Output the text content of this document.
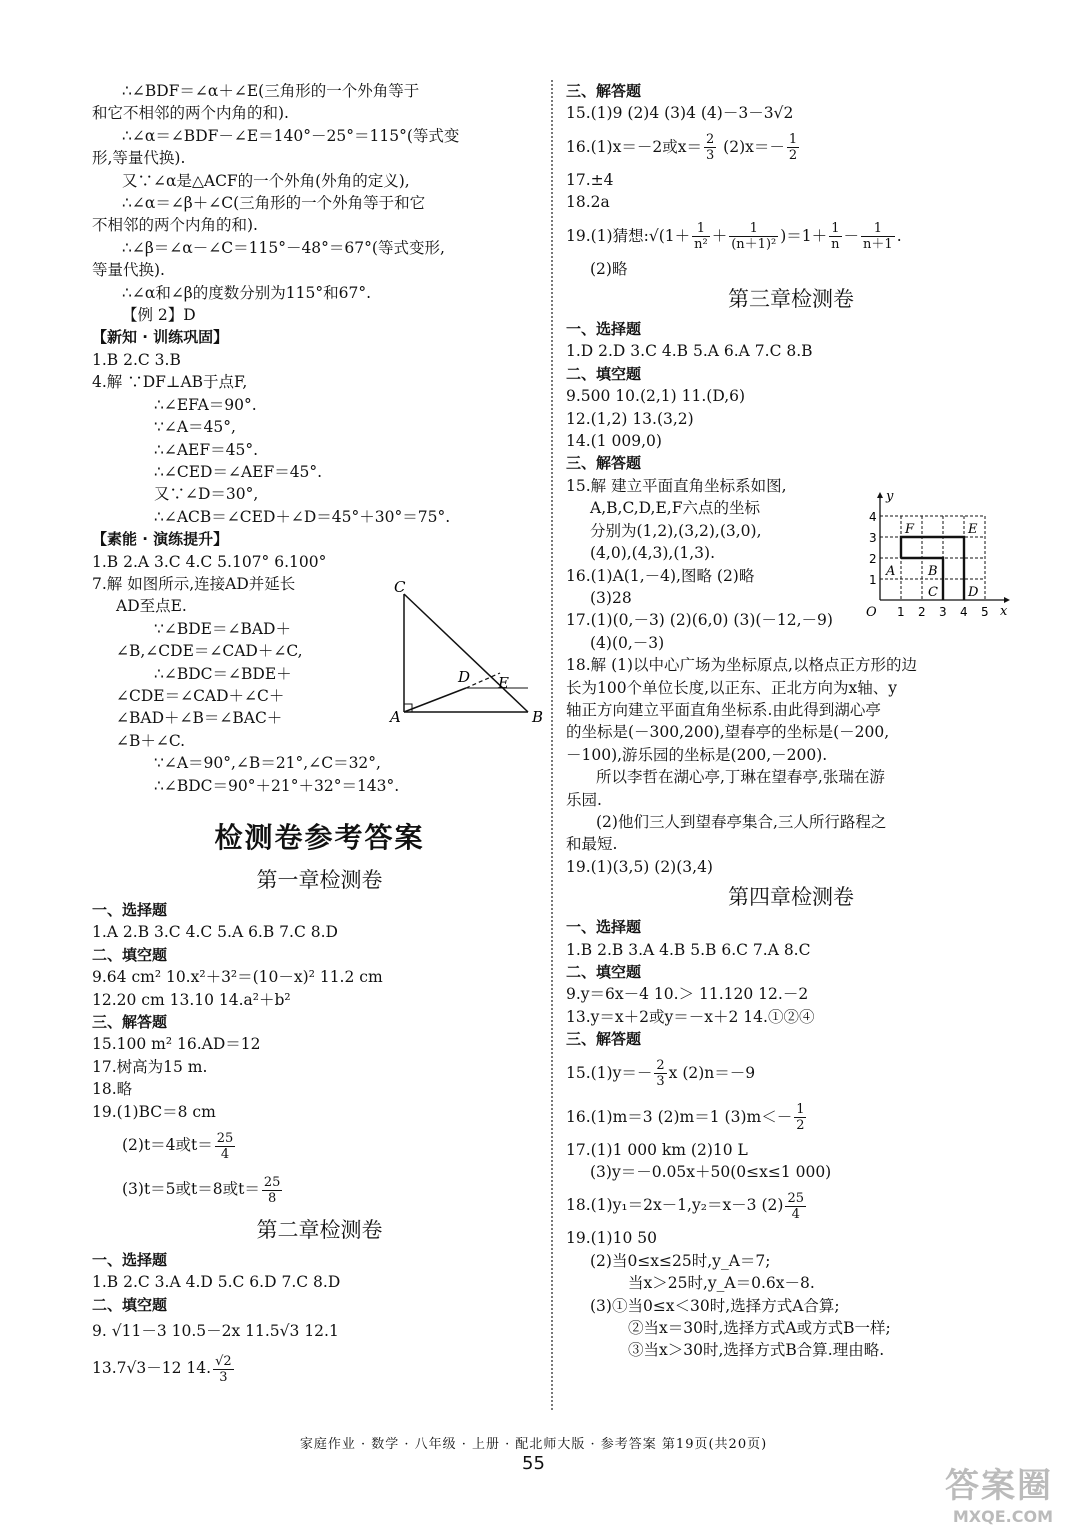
∴∠BDF＝∠α＋∠E(三角形的一个外角等于
和它不相邻的两个内角的和).
∴∠α＝∠BDF－∠E＝140°－25°＝115°(等式变
形,等量代换).
又∵∠α是△ACF的一个外角(外角的定义),
∴∠α＝∠β＋∠C(三角形的一个外角等于和它
不相邻的两个内角的和).
∴∠β＝∠α－∠C＝115°－48°＝67°(等式变形,
等量代换).
∴∠α和∠β的度数分别为115°和67°.
【例 2】D
【新知 · 训练巩固】
1.B 2.C 3.B
4.解 ∵DF⊥AB于点F,
∴∠EFA＝90°.
∵∠A＝45°,
∴∠AEF＝45°.
∴∠CED＝∠AEF＝45°.
又∵∠D＝30°,
∴∠ACB＝∠CED＋∠D＝45°＋30°＝75°.
【素能 · 演练提升】
1.B 2.A 3.C 4.C 5.107° 6.100°
7.解 如图所示,连接AD并延长
AD至点E.
∵∠BDE＝∠BAD＋
∠B,∠CDE＝∠CAD＋∠C,
∴∠BDC＝∠BDE＋
∠CDE＝∠CAD＋∠C＋
∠BAD＋∠B＝∠BAC＋
∠B＋∠C.
∵∠A＝90°,∠B＝21°,∠C＝32°,
∴∠BDC＝90°＋21°＋32°＝143°.
检测卷参考答案
第一章检测卷
一、选择题
1.A 2.B 3.C 4.C 5.A 6.B 7.C 8.D
二、填空题
9.64 cm² 10.x²＋3²＝(10－x)² 11.2 cm
12.20 cm 13.10 14.a²＋b²
三、解答题
15.100 m² 16.AD＝12
17.树高为15 m.
18.略
19.(1)BC＝8 cm
(2)t＝4或$t= \frac{25}{4}$
(3)t＝5或t＝8或$t= \frac{25}{8}$
第二章检测卷
一、选择题
1.B 2.C 3.A 4.D 5.C 6.D 7.C 8.D
二、填空题
9. √11－3 10.5－2x 11.5√3 12.1
13.7√3－12 14. $\frac{√2}{3}$
C
A	B
D E
三、解答题
15.(1)9 (2)4 (3)4 (4)－3－3√2
16.(1)x＝－2或$x= \frac{2}{3} (2)x=- \frac{1}{2}$
17.±4
18.2a
19.(1)猜想:√(1＋ $\frac{1}{\text{n²}} + \frac{1}{\text{(n＋1)²}} )=1+ \frac{1}{n} - \frac{1}{n+1}$ .
(2)略
第三章检测卷
一、选择题
1.D 2.D 3.C 4.B 5.A 6.A 7.C 8.B
二、填空题
9.500 10.(2,1) 11.(D,6)
12.(1,2) 13.(3,2)
14.(1 009,0)
三、解答题
15.解 建立平面直角坐标系如图,
A,B,C,D,E,F六点的坐标
分别为(1,2),(3,2),(3,0),
(4,0),(4,3),(1,3).
16.(1)A(1,－4),图略 (2)略
(3)28
17.(1)(0,－3) (2)(6,0) (3)(－12,－9)
(4)(0,－3)
18.解 (1)以中心广场为坐标原点,以格点正方形的边
长为100个单位长度,以正东、正北方向为x轴、y
轴正方向建立平面直角坐标系.由此得到湖心亭
的坐标是(－300,200),望春亭的坐标是(－200,
－100),游乐园的坐标是(200,－200).
所以李哲在湖心亭,丁琳在望春亭,张瑞在游
乐园.
(2)他们三人到望春亭集合,三人所行路程之
和最短.
19.(1)(3,5) (2)(3,4)
第四章检测卷
一、选择题
1.B 2.B 3.A 4.B 5.B 6.C 7.A 8.C
二、填空题
9.y＝6x－4 10.＞ 11.120 12.－2
13.y＝x＋2或y＝－x＋2 14.①②④
三、解答题
$15.(1)y=- \frac{2}{3}$ x (2)n＝－9
16.(1)m＝3 (2)m＝1 $(3)m<- \frac{1}{2}$
17.(1)1 000 km (2)10 L
(3)y＝－0.05x＋50(0≤x≤1 000)
18.(1)y₁＝2x－1,y₂＝x－3 $(2) \frac{25}{4}$
19.(1)10 50
(2)当0≤x≤25时,y_A＝7;
当x＞25时,y_A＝0.6x－8.
(3)①当0≤x＜30时,选择方式A合算;
②当x＝30时,选择方式A或方式B一样;
③当x＞30时,选择方式B合算.理由略.
y
x
O 1 2 3 4 5
1
2
3
4
A	B
C D
E
F
家庭作业 · 数学 · 八年级 · 上册 · 配北师大版 · 参考答案 第19页(共20页)
55
答案圈
MXQE.COM
